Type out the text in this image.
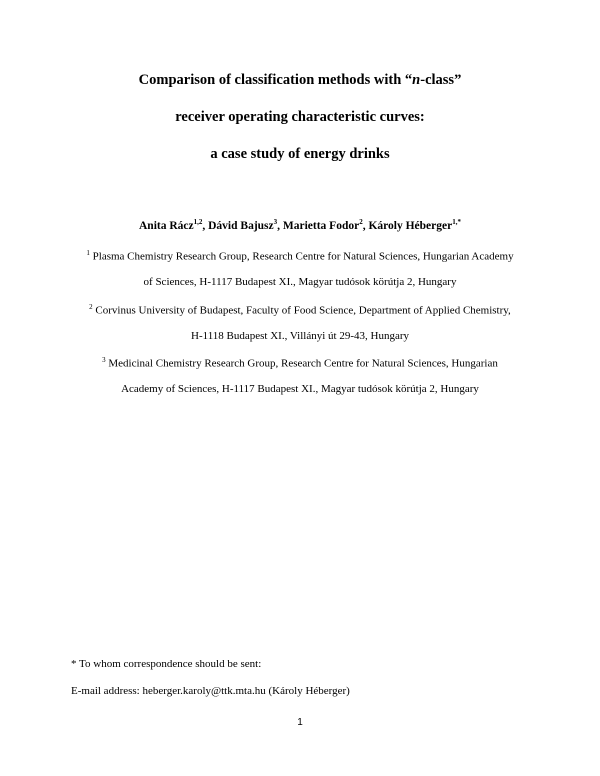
Comparison of classification methods with “n-class”
receiver operating characteristic curves:
a case study of energy drinks
Anita Rácz$^{1,2}$, Dávid Bajusz$^3$, Marietta Fodor$^2$, Károly Héberger$^{1,*}$
$^1$ Plasma Chemistry Research Group, Research Centre for Natural Sciences, Hungarian Academy
of Sciences, H-1117 Budapest XI., Magyar tudósok körútja 2, Hungary
$^2$ Corvinus University of Budapest, Faculty of Food Science, Department of Applied Chemistry,
H-1118 Budapest XI., Villányi út 29-43, Hungary
$^3$ Medicinal Chemistry Research Group, Research Centre for Natural Sciences, Hungarian
Academy of Sciences, H-1117 Budapest XI., Magyar tudósok körútja 2, Hungary
* To whom correspondence should be sent:
E-mail address: heberger.karoly@ttk.mta.hu (Károly Héberger)
1
